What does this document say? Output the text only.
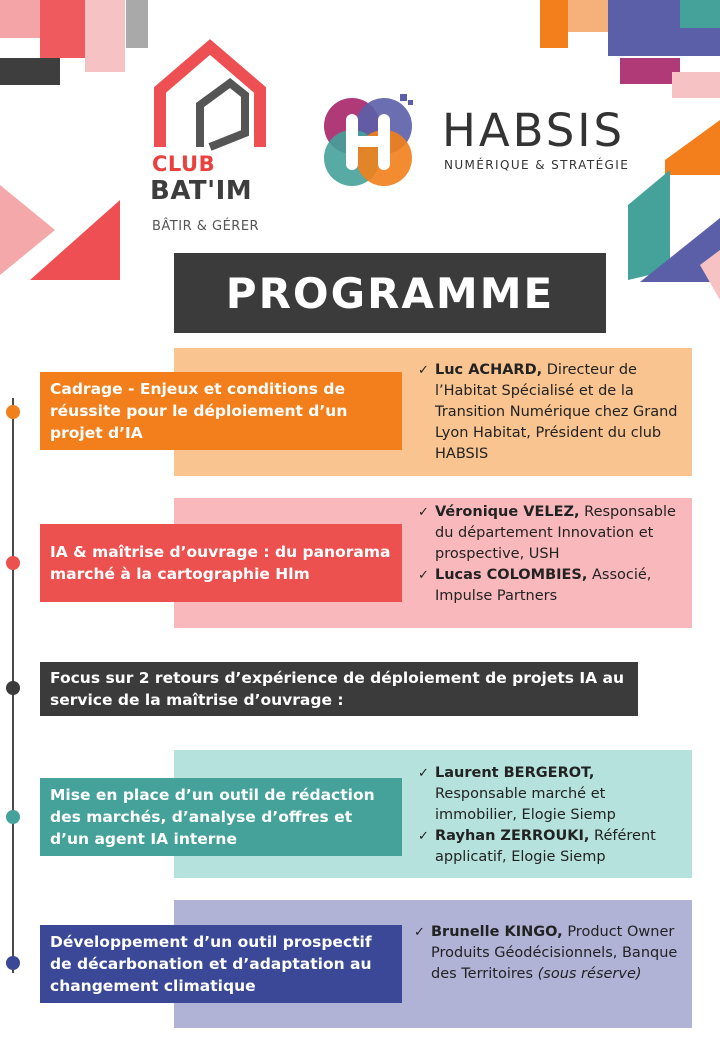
CLUB
BAT'IM
BÂTIR & GÉRER
HABSIS
NUMÉRIQUE & STRATÉGIE
PROGRAMME
Cadrage - Enjeux et conditions de réussite pour le déploiement d’un projet d’IA
✓ Luc ACHARD, Directeur de l’Habitat Spécialisé et de la Transition Numérique chez Grand Lyon Habitat, Président du club HABSIS
IA & maîtrise d’ouvrage : du panorama marché à la cartographie Hlm
✓ Véronique VELEZ, Responsable du département Innovation et prospective, USH
✓ Lucas COLOMBIES, Associé, Impulse Partners
Focus sur 2 retours d’expérience de déploiement de projets IA au service de la maîtrise d’ouvrage :
Mise en place d’un outil de rédaction des marchés, d’analyse d’offres et d’un agent IA interne
✓ Laurent BERGEROT, Responsable marché et immobilier, Elogie Siemp
✓ Rayhan ZERROUKI, Référent applicatif, Elogie Siemp
Développement d’un outil prospectif de décarbonation et d’adaptation au changement climatique
✓ Brunelle KINGO, Product Owner Produits Géodécisionnels, Banque des Territoires (sous réserve)
